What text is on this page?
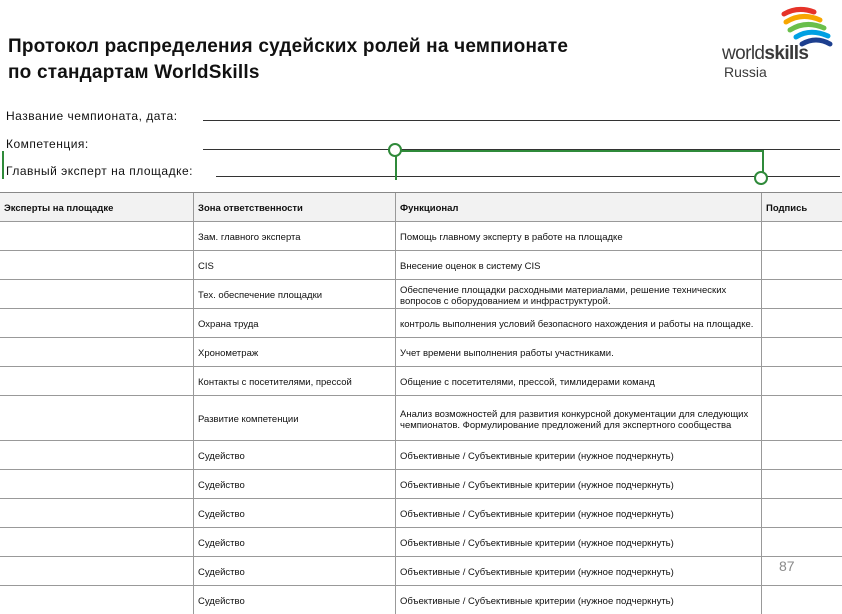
Протокол распределения судейских ролей на чемпионате
по стандартам WorldSkills
worldskills
Russia
Название чемпионата, дата:
Компетенция:
Главный эксперт на площадке:
Эксперты на площадке	Зона ответственности	Функционал	Подпись
Зам. главного эксперта	Помощь главному эксперту в работе на площадке
CIS	Внесение оценок в систему CIS
Тех. обеспечение площадки	Обеспечение площадки расходными материалами, решение технических вопросов с оборудованием и инфраструктурой.
Охрана труда	контроль выполнения условий безопасного нахождения и работы на площадке.
Хронометраж	Учет времени выполнения работы участниками.
Контакты с посетителями, прессой	Общение с посетителями, прессой, тимлидерами команд
Развитие компетенции	Анализ возможностей для развития конкурсной документации для следующих чемпионатов. Формулирование предложений для экспертного сообщества
Судейство	Объективные / Субъективные критерии (нужное подчеркнуть)
Судейство	Объективные / Субъективные критерии (нужное подчеркнуть)
Судейство	Объективные / Субъективные критерии (нужное подчеркнуть)
Судейство	Объективные / Субъективные критерии (нужное подчеркнуть)
Судейство	Объективные / Субъективные критерии (нужное подчеркнуть)
Судейство	Объективные / Субъективные критерии (нужное подчеркнуть)
87
